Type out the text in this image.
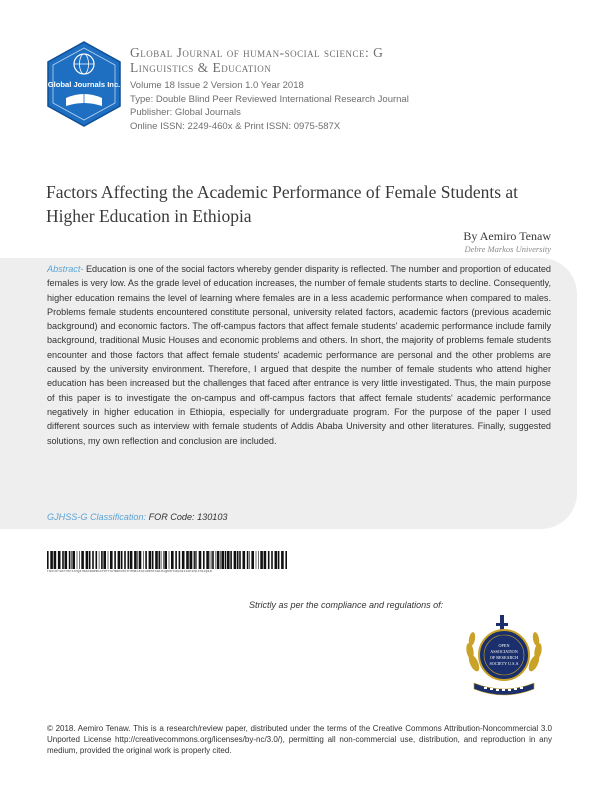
Global Journals Inc.
Global Journal of human-social science: G
Linguistics & Education
Volume 18 Issue 2 Version 1.0 Year 2018
Type: Double Blind Peer Reviewed International Research Journal
Publisher: Global Journals
Online ISSN: 2249-460x & Print ISSN: 0975-587X
Factors Affecting the Academic Performance of Female Students at Higher Education in Ethiopia
By Aemiro Tenaw
Debre Markos University
Abstract- Education is one of the social factors whereby gender disparity is reflected. The number and proportion of educated females is very low. As the grade level of education increases, the number of female students starts to decline. Consequently, higher education remains the level of learning where females are in a less academic performance when compared to males. Problems female students encountered constitute personal, university related factors, academic factors (previous academic background) and economic factors. The off-campus factors that affect female students' academic performance include family background, traditional Music Houses and economic problems and others. In short, the majority of problems female students encounter and those factors that affect female students' academic performance are personal and the other problems are caused by the university environment. Therefore, I argued that despite the number of female students who attend higher education has been increased but the challenges that faced after entrance is very little investigated. Thus, the main purpose of this paper is to investigate the on-campus and off-campus factors that affect female students' academic performance negatively in higher education in Ethiopia, especially for undergraduate program. For the purpose of the paper I used different sources such as interview with female students of Addis Ababa University and other literatures. Finally, suggested solutions, my own reflection and conclusion are included.
GJHSS-G Classification: FOR Code: 130103
FactorsAffectingtheAcademicPerformanceofFemaleStudentsatHigherEducationinEthiopia
Strictly as per the compliance and regulations of:
OPEN
ASSOCIATION
OF RESEARCH
SOCIETY U.S.A
© 2018. Aemiro Tenaw. This is a research/review paper, distributed under the terms of the Creative Commons Attribution-Noncommercial 3.0 Unported License http://creativecommons.org/licenses/by-nc/3.0/), permitting all non-commercial use, distribution, and reproduction in any medium, provided the original work is properly cited.
